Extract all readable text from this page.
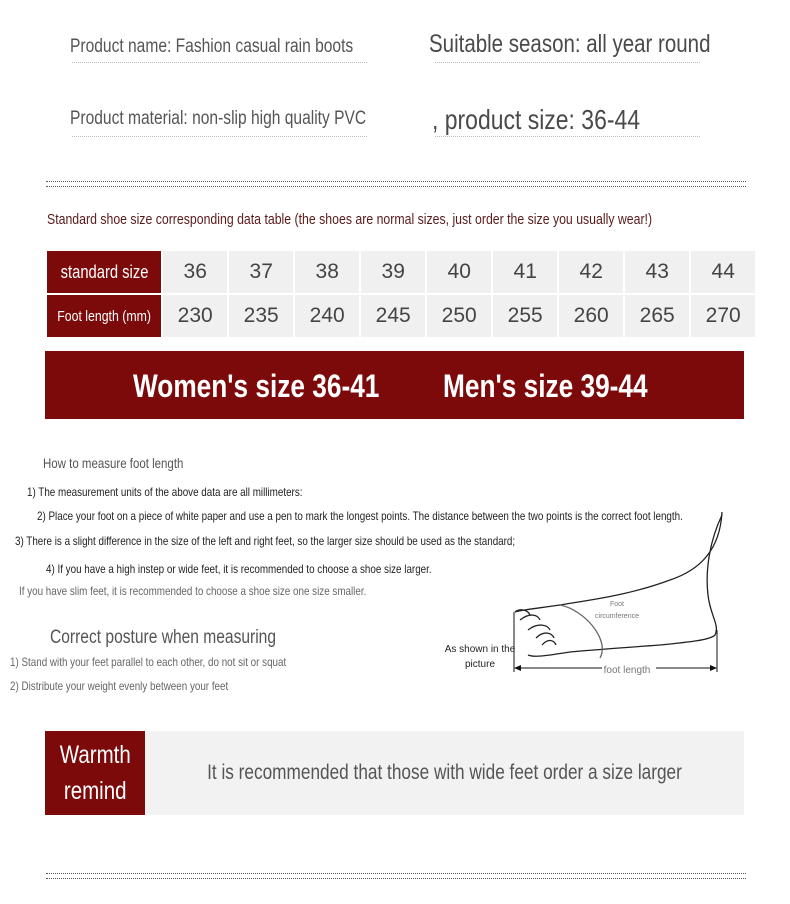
Product name: Fashion casual rain boots	Suitable season: all year round
Product material: non-slip high quality PVC	, product size: 36-44
Standard shoe size corresponding data table (the shoes are normal sizes, just order the size you usually wear!)
standard size	36	37	38	39	40	41	42	43	44
Foot length (mm)	230	235	240	245	250	255	260	265	270
Women's size 36-41	Men's size 39-44
How to measure foot length
1) The measurement units of the above data are all millimeters:
2) Place your foot on a piece of white paper and use a pen to mark the longest points. The distance between the two points is the correct foot length.
3) There is a slight difference in the size of the left and right feet, so the larger size should be used as the standard;
4) If you have a high instep or wide feet, it is recommended to choose a shoe size larger.
If you have slim feet, it is recommended to choose a shoe size one size smaller.
Correct posture when measuring
1) Stand with your feet parallel to each other, do not sit or squat
2) Distribute your weight evenly between your feet
Foot
circumference
As shown in the
picture
foot length
Warmth
remind
It is recommended that those with wide feet order a size larger
